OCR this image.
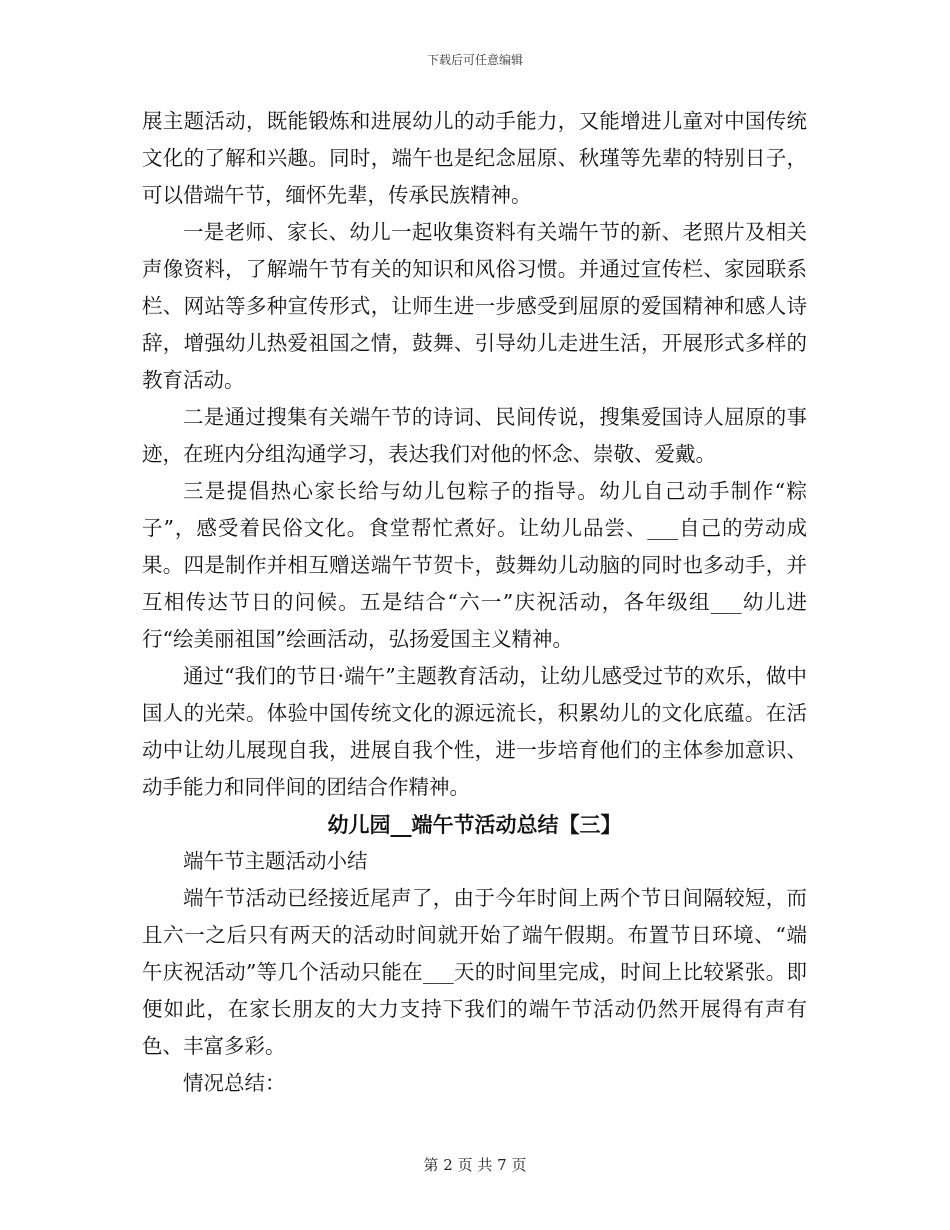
下载后可任意编辑

展主题活动，既能锻炼和进展幼儿的动手能力，又能增进儿童对中国传统文化的了解和兴趣。同时，端午也是纪念屈原、秋瑾等先辈的特别日子，可以借端午节，缅怀先辈，传承民族精神。

一是老师、家长、幼儿一起收集资料有关端午节的新、老照片及相关声像资料，了解端午节有关的知识和风俗习惯。并通过宣传栏、家园联系栏、网站等多种宣传形式，让师生进一步感受到屈原的爱国精神和感人诗辞，增强幼儿热爱祖国之情，鼓舞、引导幼儿走进生活，开展形式多样的教育活动。

二是通过搜集有关端午节的诗词、民间传说，搜集爱国诗人屈原的事迹，在班内分组沟通学习，表达我们对他的怀念、崇敬、爱戴。

三是提倡热心家长给与幼儿包粽子的指导。幼儿自己动手制作“粽子”，感受着民俗文化。食堂帮忙煮好。让幼儿品尝、___自己的劳动成果。四是制作并相互赠送端午节贺卡，鼓舞幼儿动脑的同时也多动手，并互相传达节日的问候。五是结合“六一”庆祝活动，各年级组___幼儿进行“绘美丽祖国”绘画活动，弘扬爱国主义精神。

通过“我们的节日·端午”主题教育活动，让幼儿感受过节的欢乐，做中国人的光荣。体验中国传统文化的源远流长，积累幼儿的文化底蕴。在活动中让幼儿展现自我，进展自我个性，进一步培育他们的主体参加意识、动手能力和同伴间的团结合作精神。

幼儿园__端午节活动总结【三】

端午节主题活动小结

端午节活动已经接近尾声了，由于今年时间上两个节日间隔较短，而且六一之后只有两天的活动时间就开始了端午假期。布置节日环境、“端午庆祝活动”等几个活动只能在___天的时间里完成，时间上比较紧张。即便如此，在家长朋友的大力支持下我们的端午节活动仍然开展得有声有色、丰富多彩。

情况总结：

第 2 页 共 7 页
